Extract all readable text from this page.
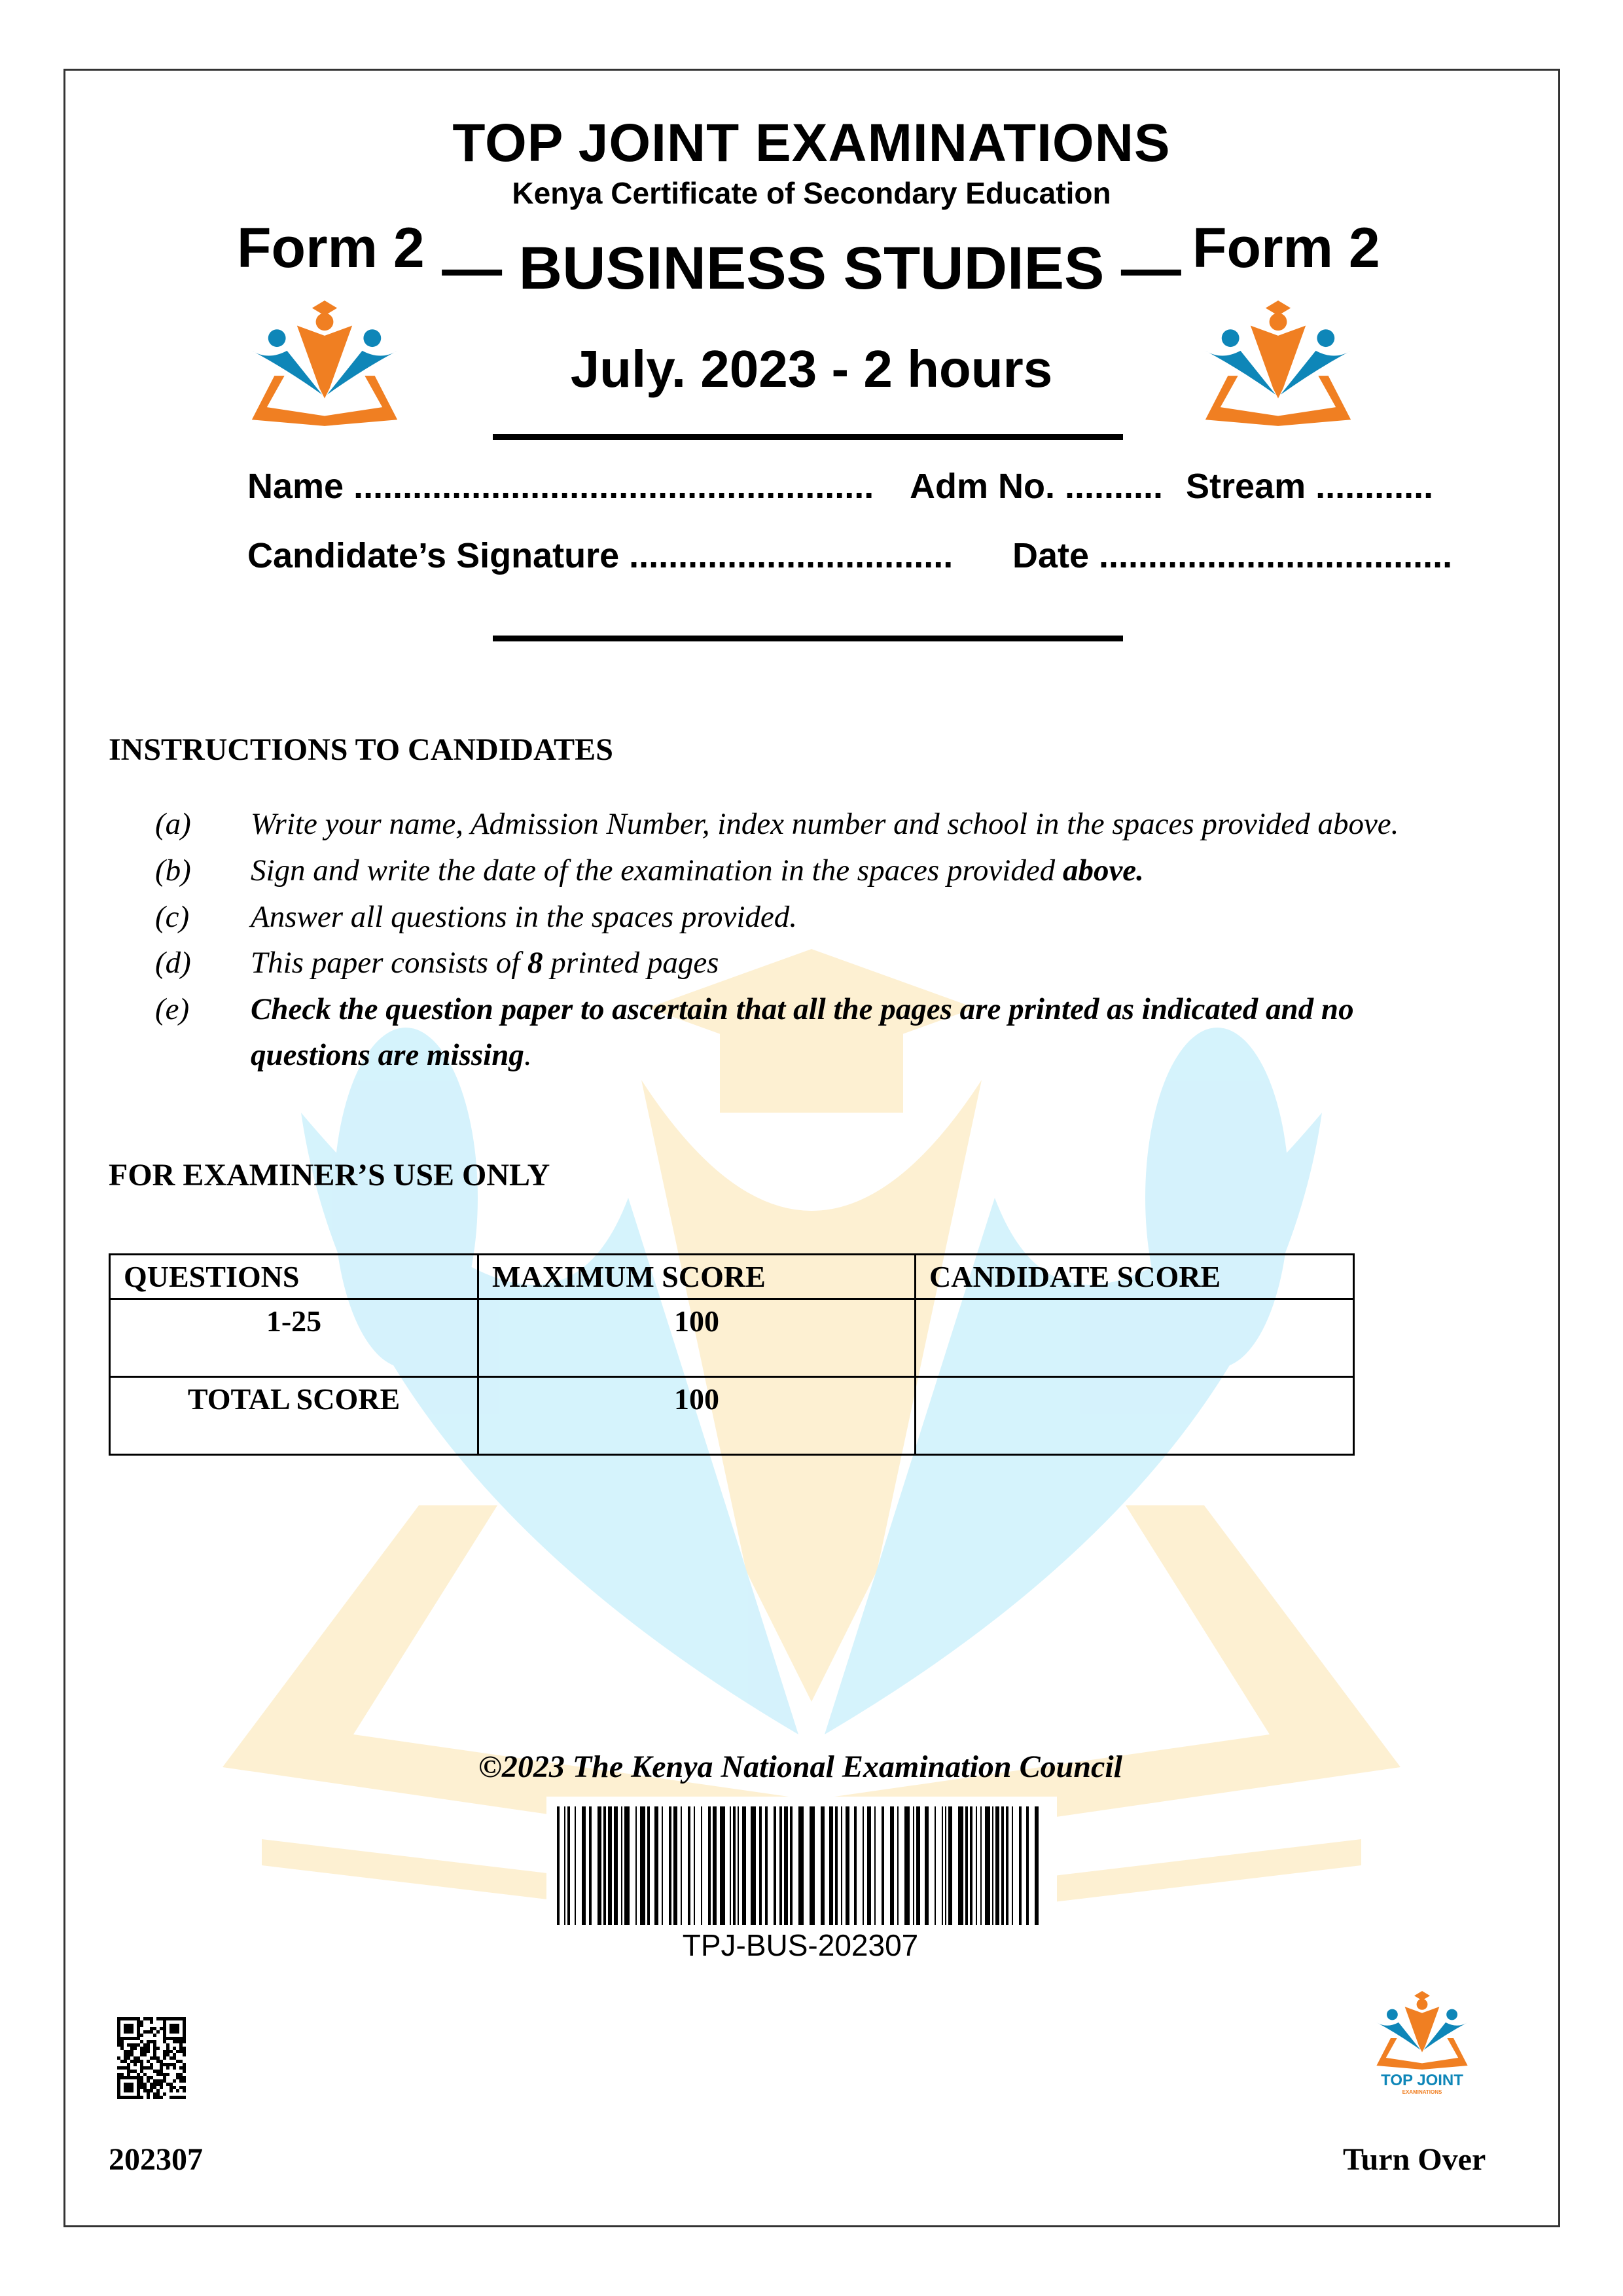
TOP JOINT EXAMINATIONS
Kenya Certificate of Secondary Education
Form 2	Form 2
— BUSINESS STUDIES —
July. 2023 - 2 hours
Name ..................................................... Adm No. .......... Stream ............
Candidate’s Signature ................................. Date ....................................
INSTRUCTIONS TO CANDIDATES
(a) Write your name, Admission Number, index number and school in the spaces provided above.
(b) Sign and write the date of the examination in the spaces provided above.
(c) Answer all questions in the spaces provided.
(d) This paper consists of 8 printed pages
(e) Check the question paper to ascertain that all the pages are printed as indicated and no
questions are missing.
FOR EXAMINER’S USE ONLY
QUESTIONS	MAXIMUM SCORE	CANDIDATE SCORE
1-25	100	
TOTAL SCORE	100	
©2023 The Kenya National Examination Council
TPJ-BUS-202307
TOP JOINT
EXAMINATIONS
202307	Turn Over
